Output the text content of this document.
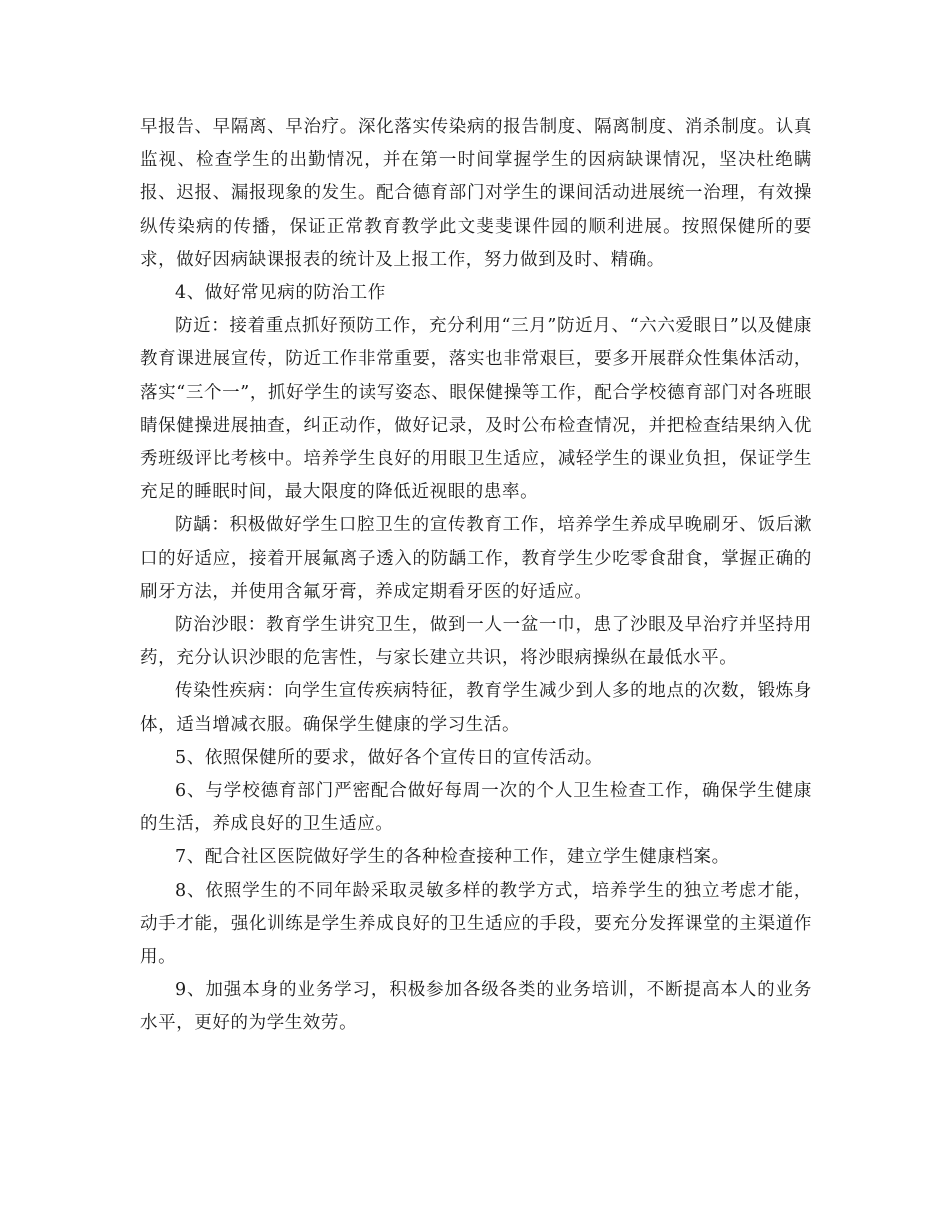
早报告、早隔离、早治疗。深化落实传染病的报告制度、隔离制度、消杀制度。认真监视、检查学生的出勤情况，并在第一时间掌握学生的因病缺课情况，坚决杜绝瞒报、迟报、漏报现象的发生。配合德育部门对学生的课间活动进展统一治理，有效操纵传染病的传播，保证正常教育教学此文斐斐课件园的顺利进展。按照保健所的要求，做好因病缺课报表的统计及上报工作，努力做到及时、精确。

4、做好常见病的防治工作

防近：接着重点抓好预防工作，充分利用“三月”防近月、“六六爱眼日”以及健康教育课进展宣传，防近工作非常重要，落实也非常艰巨，要多开展群众性集体活动，落实“三个一”，抓好学生的读写姿态、眼保健操等工作，配合学校德育部门对各班眼睛保健操进展抽查，纠正动作，做好记录，及时公布检查情况，并把检查结果纳入优秀班级评比考核中。培养学生良好的用眼卫生适应，减轻学生的课业负担，保证学生充足的睡眠时间，最大限度的降低近视眼的患率。

防龋：积极做好学生口腔卫生的宣传教育工作，培养学生养成早晚刷牙、饭后漱口的好适应，接着开展氟离子透入的防龋工作，教育学生少吃零食甜食，掌握正确的刷牙方法，并使用含氟牙膏，养成定期看牙医的好适应。

防治沙眼：教育学生讲究卫生，做到一人一盆一巾，患了沙眼及早治疗并坚持用药，充分认识沙眼的危害性，与家长建立共识，将沙眼病操纵在最低水平。

传染性疾病：向学生宣传疾病特征，教育学生减少到人多的地点的次数，锻炼身体，适当增减衣服。确保学生健康的学习生活。

5、依照保健所的要求，做好各个宣传日的宣传活动。

6、与学校德育部门严密配合做好每周一次的个人卫生检查工作，确保学生健康的生活，养成良好的卫生适应。

7、配合社区医院做好学生的各种检查接种工作，建立学生健康档案。

8、依照学生的不同年龄采取灵敏多样的教学方式，培养学生的独立考虑才能，动手才能，强化训练是学生养成良好的卫生适应的手段，要充分发挥课堂的主渠道作用。

9、加强本身的业务学习，积极参加各级各类的业务培训，不断提高本人的业务水平，更好的为学生效劳。
